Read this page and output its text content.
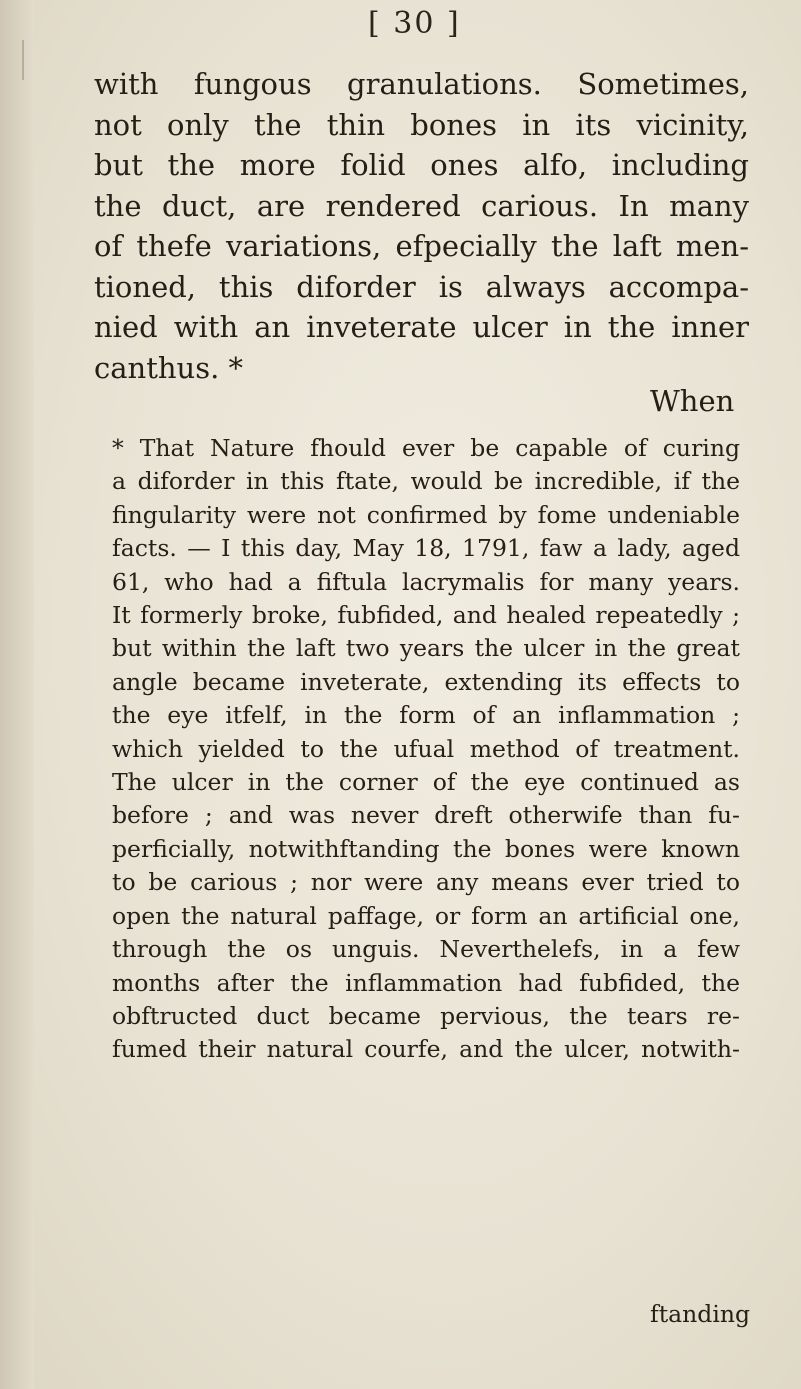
[ 30 ]
with fungous granulations. Sometimes,
not only the thin bones in its vicinity,
but the more folid ones alfo, including
the duct, are rendered carious. In many
of thefe variations, efpecially the laft men-
tioned, this diforder is always accompa-
nied with an inveterate ulcer in the inner
canthus. *
When
* That Nature fhould ever be capable of curing
a diforder in this ftate, would be incredible, if the
fingularity were not confirmed by fome undeniable
facts. — I this day, May 18, 1791, faw a lady, aged
61, who had a fiftula lacrymalis for many years.
It formerly broke, fubfided, and healed repeatedly ;
but within the laft two years the ulcer in the great
angle became inveterate, extending its effects to
the eye itfelf, in the form of an inflammation ;
which yielded to the ufual method of treatment.
The ulcer in the corner of the eye continued as
before ; and was never dreft otherwife than fu-
perficially, notwithftanding the bones were known
to be carious ; nor were any means ever tried to
open the natural paffage, or form an artificial one,
through the os unguis. Neverthelefs, in a few
months after the inflammation had fubfided, the
obftructed duct became pervious, the tears re-
fumed their natural courfe, and the ulcer, notwith-
ftanding
